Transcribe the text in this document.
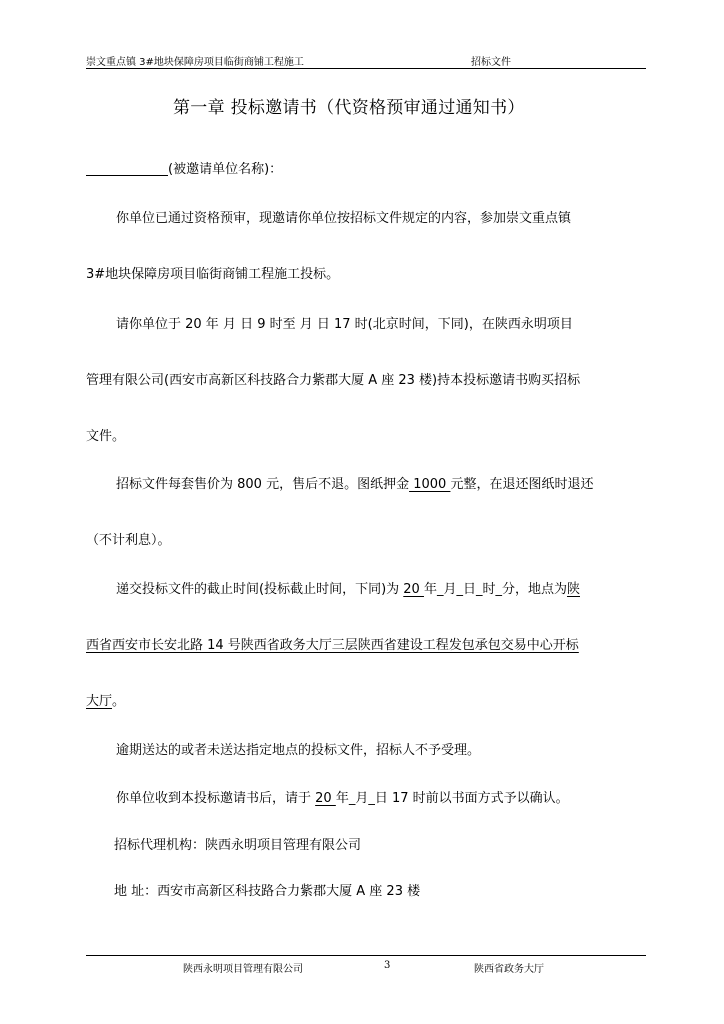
崇文重点镇 3#地块保障房项目临街商铺工程施工	招标文件
第一章 投标邀请书（代资格预审通过通知书）
(被邀请单位名称)：
你单位已通过资格预审，现邀请你单位按招标文件规定的内容，参加崇文重点镇
3#地块保障房项目临街商铺工程施工投标。
请你单位于 20 年 月 日 9 时至 月 日 17 时(北京时间，下同)，在陕西永明项目
管理有限公司(西安市高新区科技路合力紫郡大厦 A 座 23 楼)持本投标邀请书购买招标
文件。
招标文件每套售价为 800 元，售后不退。图纸押金 1000 元整，在退还图纸时退还
（不计利息）。
递交投标文件的截止时间(投标截止时间，下同)为 20 年_月_日_时_分，地点为陕
西省西安市长安北路 14 号陕西省政务大厅三层陕西省建设工程发包承包交易中心开标
大厅。
逾期送达的或者未送达指定地点的投标文件，招标人不予受理。
你单位收到本投标邀请书后，请于 20 年_月_日 17 时前以书面方式予以确认。
招标代理机构：陕西永明项目管理有限公司
地 址：西安市高新区科技路合力紫郡大厦 A 座 23 楼
陕西永明项目管理有限公司	3	陕西省政务大厅
